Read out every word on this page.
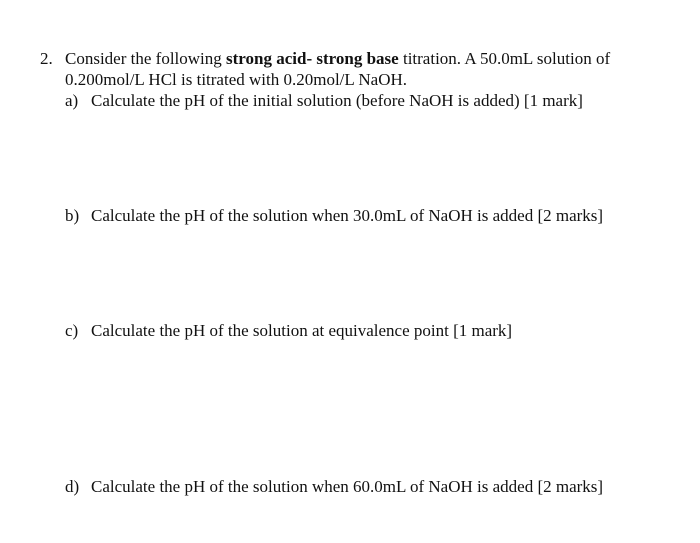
2. Consider the following strong acid- strong base titration. A 50.0mL solution of
0.200mol/L HCl is titrated with 0.20mol/L NaOH.
a) Calculate the pH of the initial solution (before NaOH is added) [1 mark]
b) Calculate the pH of the solution when 30.0mL of NaOH is added [2 marks]
c) Calculate the pH of the solution at equivalence point [1 mark]
d) Calculate the pH of the solution when 60.0mL of NaOH is added [2 marks]
